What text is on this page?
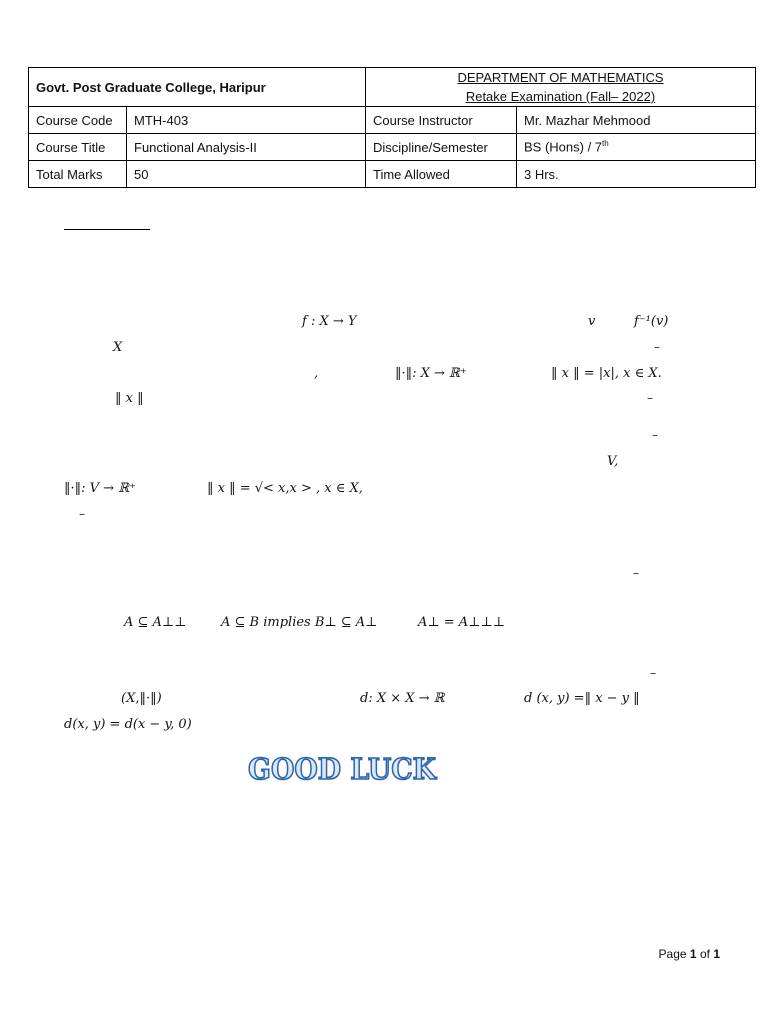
Govt. Post Graduate College, Haripur		DEPARTMENT OF MATHEMATICS
Retake Examination (Fall– 2022)	

Course Code	MTH-403	Course Instructor	Mr. Mazhar Mehmood
Course Title	Functional Analysis-II	Discipline/Semester	BS (Hons) / 7th
Total Marks	50	Time Allowed	3 Hrs.
f : X → Y	v	f⁻¹(v)
X	–
,	‖·‖: X → ℝ⁺	‖ x ‖ = |x|, x ∈ X.
‖ x ‖	–
–
V,
‖·‖: V → ℝ⁺	‖ x ‖ = √< x,x > , x ∈ X,
–
–
A ⊆ A⊥⊥	A ⊆ B implies B⊥ ⊆ A⊥	A⊥ = A⊥⊥⊥
–
(X,‖·‖)	d: X × X → ℝ	d (x, y) =‖ x − y ‖
d(x, y) = d(x − y, 0)
GOOD LUCK
Page 1 of 1
